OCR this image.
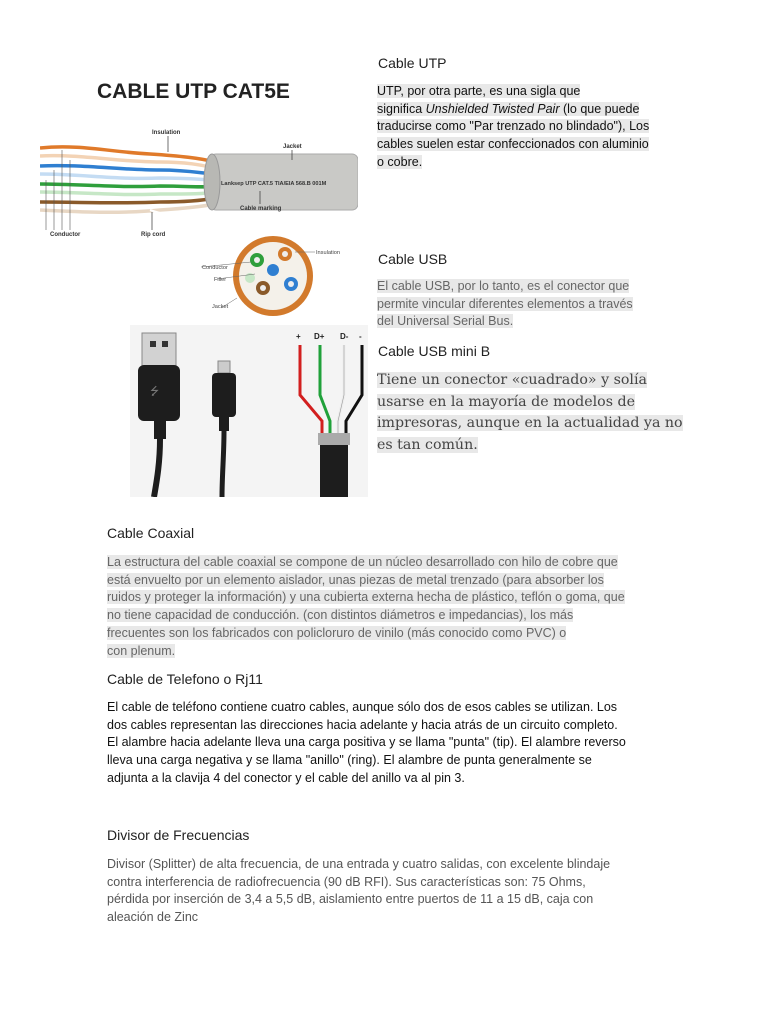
CABLE UTP CAT5E
Lanksep UTP CAT.5 TIA/EIA 568.B 001M
Insulation
Jacket
Cable marking
Conductor	Rip cord
Insulation
Conductor
Filler
Jacket
⭍
+ D+ D- -
Cable UTP
UTP, por otra parte, es una sigla que
significa Unshielded Twisted Pair (lo que puede
traducirse como "Par trenzado no blindado"), Los
cables suelen estar confeccionados con aluminio
o cobre.
Cable USB
El cable USB, por lo tanto, es el conector que
permite vincular diferentes elementos a través
del Universal Serial Bus.
Cable USB mini B
Tiene un conector «cuadrado» y solía
usarse en la mayoría de modelos de
impresoras, aunque en la actualidad ya no
es tan común.
Cable Coaxial
La estructura del cable coaxial se compone de un núcleo desarrollado con hilo de cobre que
está envuelto por un elemento aislador, unas piezas de metal trenzado (para absorber los
ruidos y proteger la información) y una cubierta externa hecha de plástico, teflón o goma, que
no tiene capacidad de conducción. (con distintos diámetros e impedancias), los más
frecuentes son los fabricados con policloruro de vinilo (más conocido como PVC) o
con plenum.
Cable de Telefono o Rj11
El cable de teléfono contiene cuatro cables, aunque sólo dos de esos cables se utilizan. Los
dos cables representan las direcciones hacia adelante y hacia atrás de un circuito completo.
El alambre hacia adelante lleva una carga positiva y se llama "punta" (tip). El alambre reverso
lleva una carga negativa y se llama "anillo" (ring). El alambre de punta generalmente se
adjunta a la clavija 4 del conector y el cable del anillo va al pin 3.
Divisor de Frecuencias
Divisor (Splitter) de alta frecuencia, de una entrada y cuatro salidas, con excelente blindaje
contra interferencia de radiofrecuencia (90 dB RFI). Sus características son: 75 Ohms,
pérdida por inserción de 3,4 a 5,5 dB, aislamiento entre puertos de 11 a 15 dB, caja con
aleación de Zinc
